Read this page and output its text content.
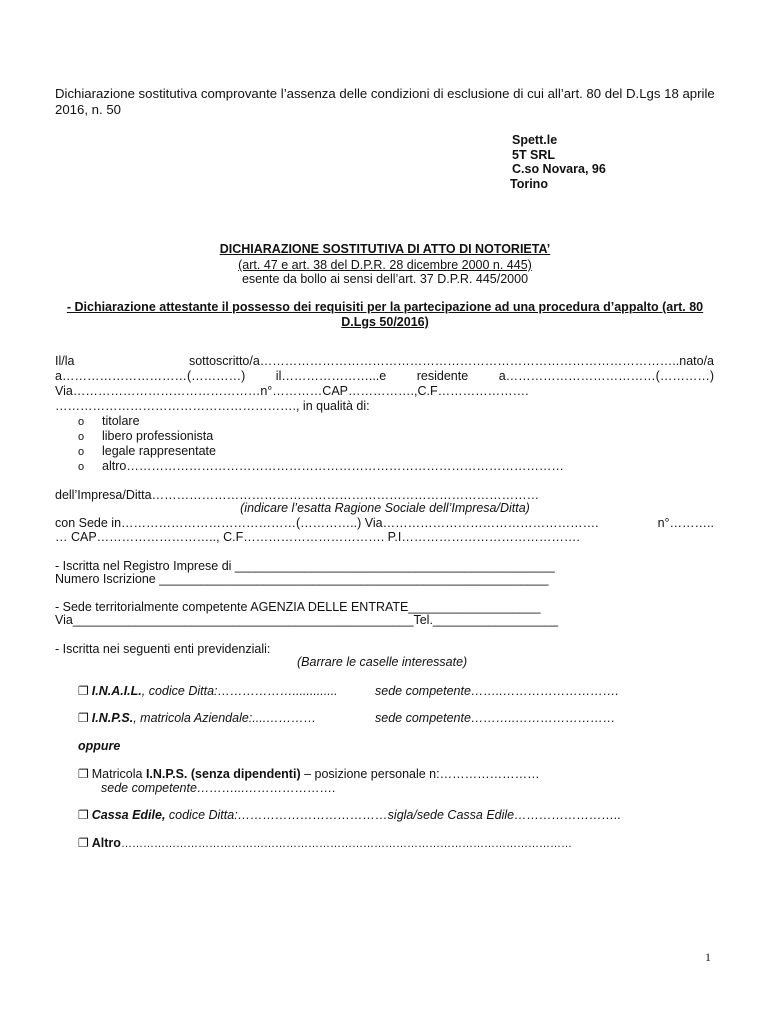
Dichiarazione sostitutiva comprovante l’assenza delle condizioni di esclusione di cui all’art. 80 del D.Lgs 18 aprile 2016, n. 50
Spett.le
5T SRL
C.so Novara, 96
Torino
DICHIARAZIONE SOSTITUTIVA DI ATTO DI NOTORIETA’
(art. 47 e art. 38 del D.P.R. 28 dicembre 2000 n. 445)
esente da bollo ai sensi dell’art. 37 D.P.R. 445/2000
- Dichiarazione attestante il possesso dei requisiti per la partecipazione ad una procedura d’appalto (art. 80
D.Lgs 50/2016)
Il/la	sottoscritto/a………………………………………………………………………………………..nato/a
a…………………………(…………) il…………………...e residente a………………………………(…………)
Via………………………………………n°…………CAP…………….,C.F………………….
…………………………………………………., in qualità di:
o titolare
o libero professionista
o legale rappresentate
o altro……………………………………………………………………………………………
dell’Impresa/Ditta…………………………………………………………………………………
(indicare l’esatta Ragione Sociale dell’Impresa/Ditta)
con Sede in……………………………………(…………..) Via…………………………………………….	n°………..
… CAP……………………….., C.F……………………………. P.I…………………………………….
- Iscritta nel Registro Imprese di ______________________________________________
Numero Iscrizione ________________________________________________________
- Sede territorialmente competente AGENZIA DELLE ENTRATE___________________
Via_________________________________________________Tel.__________________
- Iscritta nei seguenti enti previdenziali:
(Barrare le caselle interessate)
❐ I.N.A.I.L., codice Ditta:……………….............	sede competente……..……………………….
❐ I.N.P.S., matricola Aziendale:....…………	sede competente………..……………………
oppure
❐ Matricola I.N.P.S. (senza dipendenti) – posizione personale n:……………………
sede competente………...………………….
❐ Cassa Edile, codice Ditta:………………………………sigla/sede Cassa Edile……………………..
❐ Altro……………………………………………………………………………………………………………
1
